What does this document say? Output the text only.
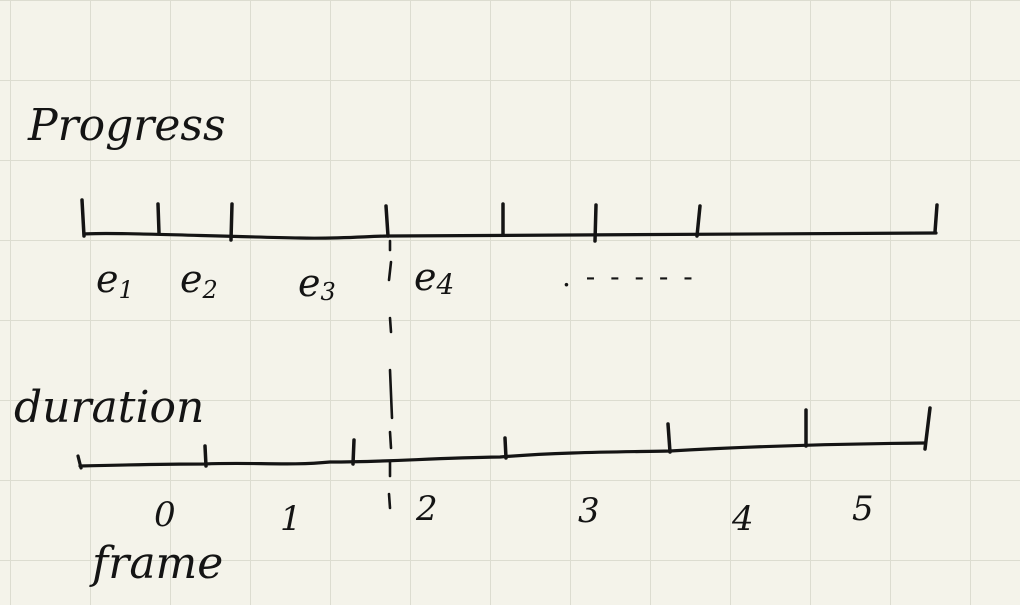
Progress
duration
frame
e1 e2 e3 e4	. - - - - -
0	1	2	3	4	5
